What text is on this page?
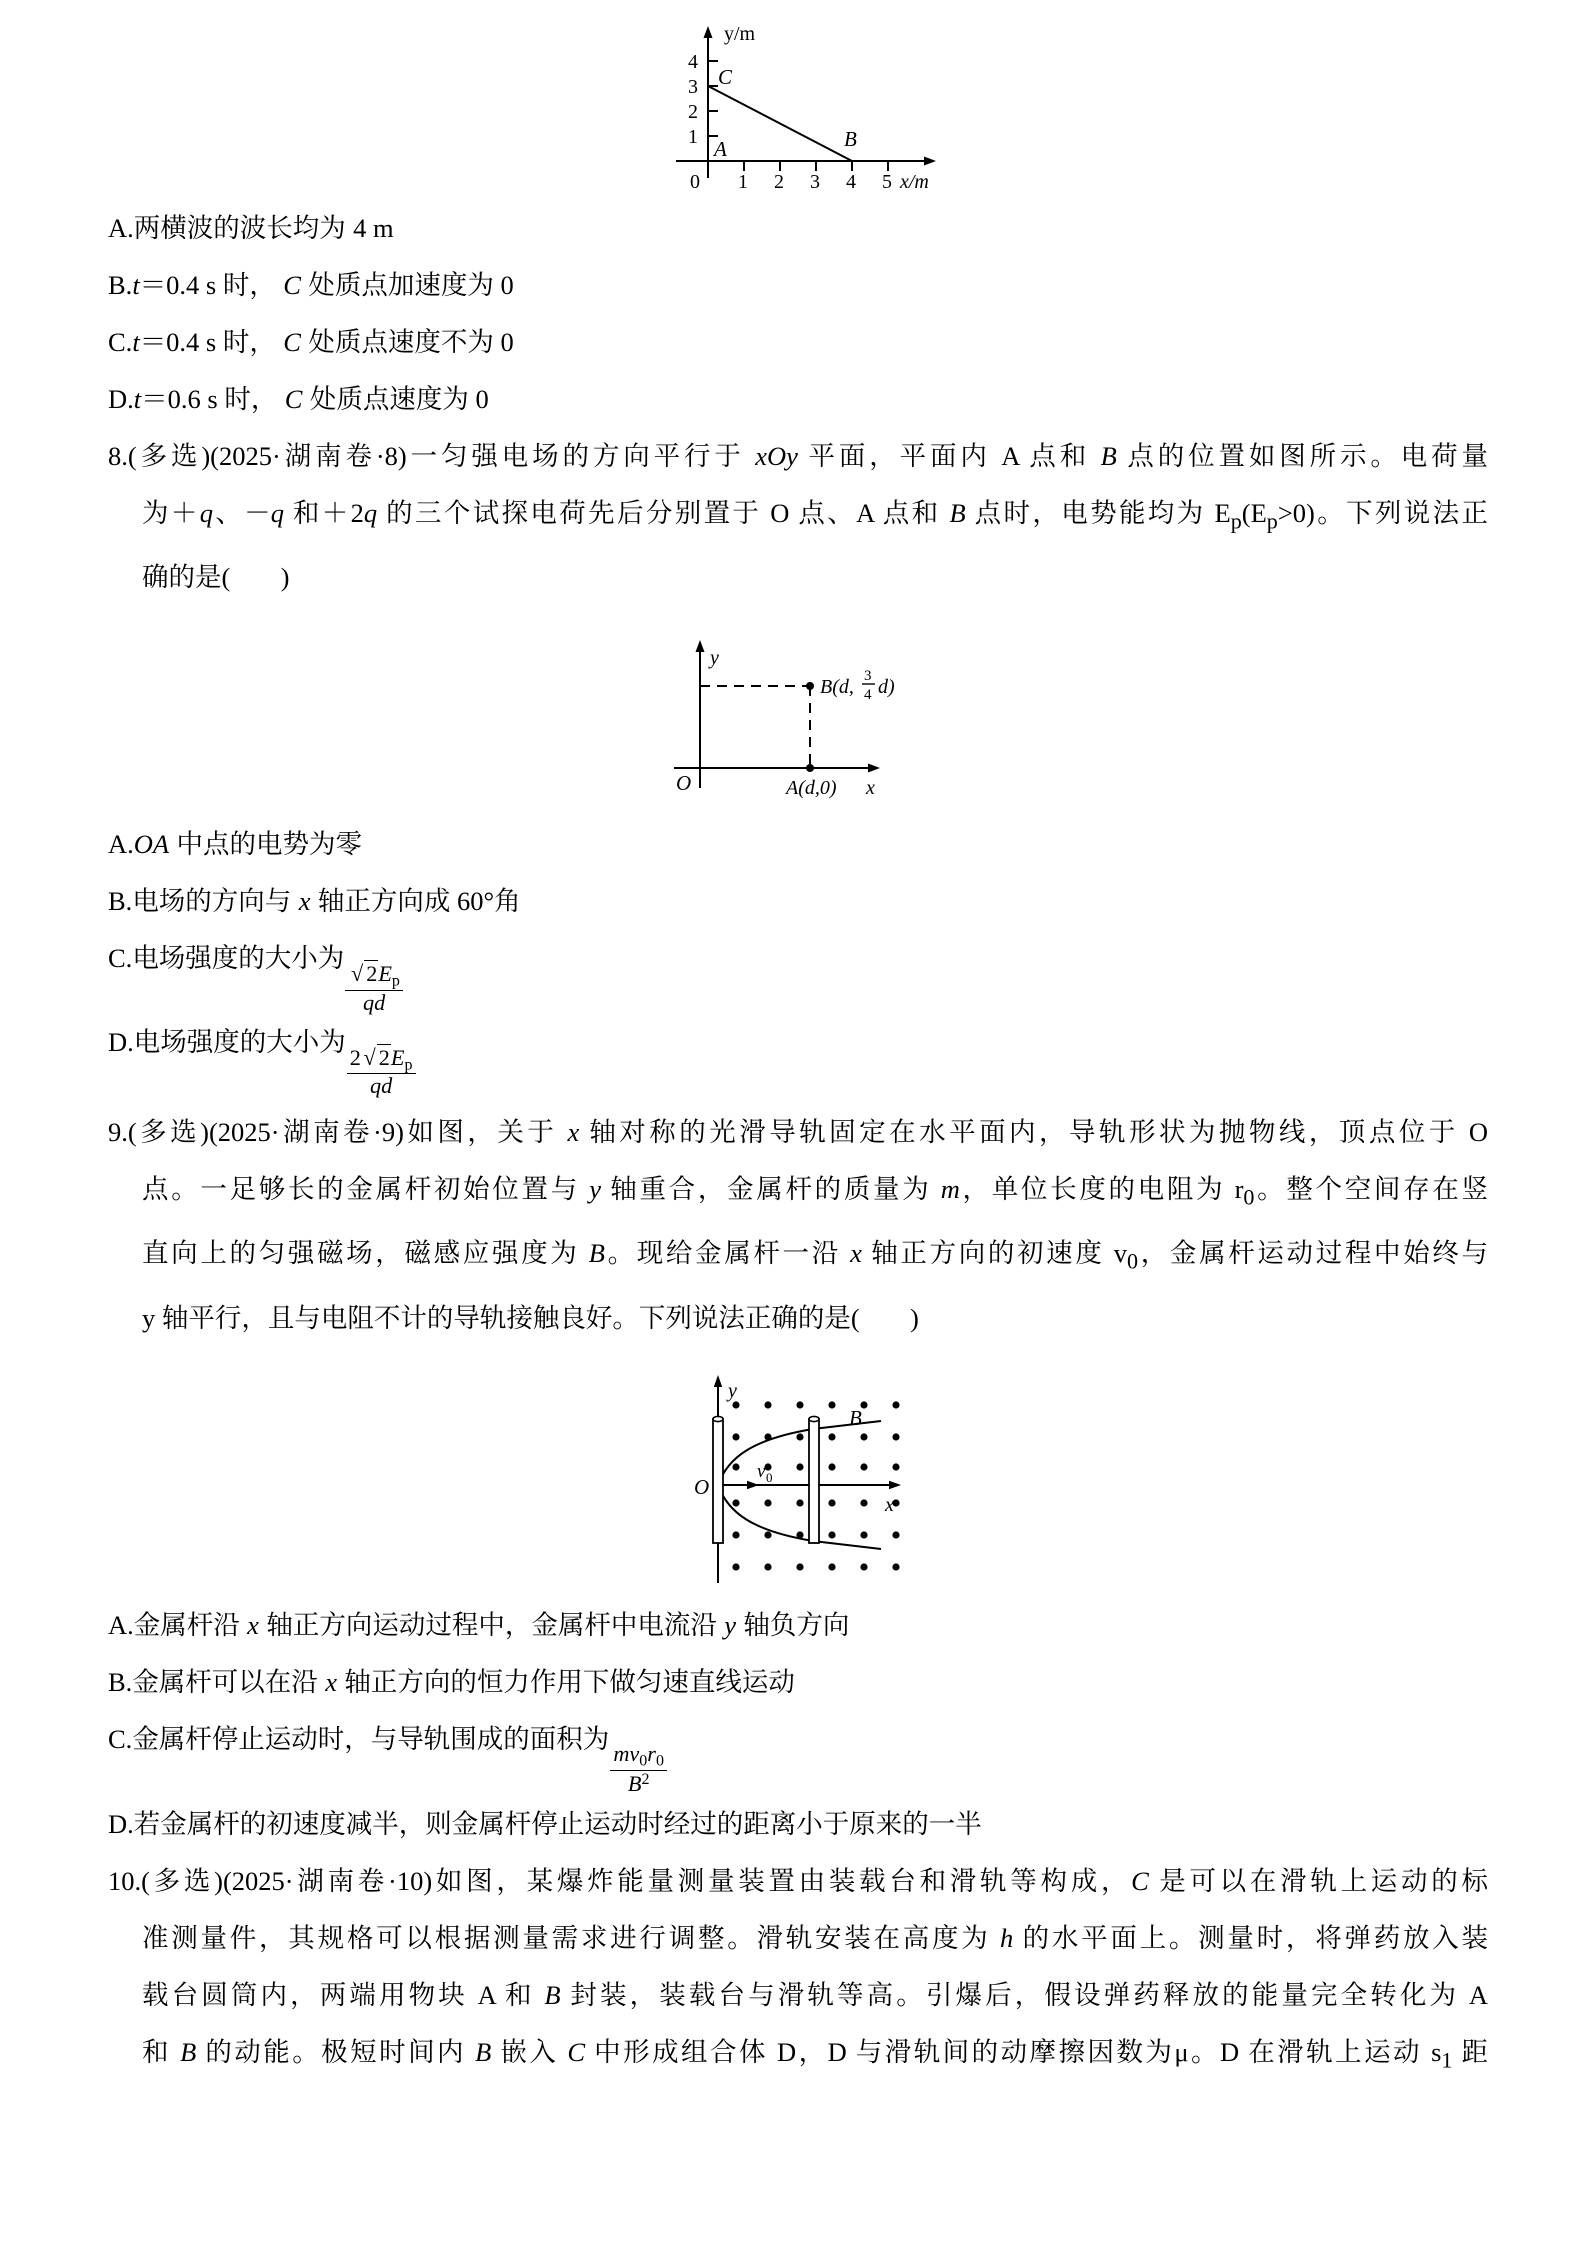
y/m
x/m
1
2
3
4
0 1 2 3 4 5
C
B
A

A.两横波的波长均为 4 m

B.t＝0.4 s 时， C 处质点加速度为 0

C.t＝0.4 s 时， C 处质点速度不为 0

D.t＝0.6 s 时， C 处质点速度为 0

8.(多选)(2025·湖南卷·8)一匀强电场的方向平行于 xOy 平面，平面内 A 点和 B 点的位置如图所示。电荷量
为＋q、－q 和＋2q 的三个试探电荷先后分别置于 O 点、A 点和 B 点时，电势能均为 $E_p(E_p>0)$。下列说法正
确的是( )
y
x
O	A(d,0)
B(d, 3
4 d)

A.OA 中点的电势为零

B.电场的方向与 x 轴正方向成 60°角

C.电场强度的大小为
$\frac{√ 2E_p}{qd}$

D.电场强度的大小为
$\frac{2 √ 2E_p}{qd}$

9.(多选)(2025·湖南卷·9)如图，关于 x 轴对称的光滑导轨固定在水平面内，导轨形状为抛物线，顶点位于 O
点。一足够长的金属杆初始位置与 y 轴重合，金属杆的质量为 m，单位长度的电阻为 $r_0$。整个空间存在竖
直向上的匀强磁场，磁感应强度为 B。现给金属杆一沿 x 轴正方向的初速度 $v_0$，金属杆运动过程中始终与
y 轴平行，且与电阻不计的导轨接触良好。下列说法正确的是( )
y
x
O
v 0
B

A.金属杆沿 x 轴正方向运动过程中，金属杆中电流沿 y 轴负方向

B.金属杆可以在沿 x 轴正方向的恒力作用下做匀速直线运动

C.金属杆停止运动时，与导轨围成的面积为
$\frac{mv_0r_0}{B^2}$

D.若金属杆的初速度减半，则金属杆停止运动时经过的距离小于原来的一半

10.(多选)(2025·湖南卷·10)如图，某爆炸能量测量装置由装载台和滑轨等构成，C 是可以在滑轨上运动的标
准测量件，其规格可以根据测量需求进行调整。滑轨安装在高度为 h 的水平面上。测量时，将弹药放入装
载台圆筒内，两端用物块 A 和 B 封装，装载台与滑轨等高。引爆后，假设弹药释放的能量完全转化为 A
和 B 的动能。极短时间内 B 嵌入 C 中形成组合体 D，D 与滑轨间的动摩擦因数为μ。D 在滑轨上运动 $s_1$ 距
